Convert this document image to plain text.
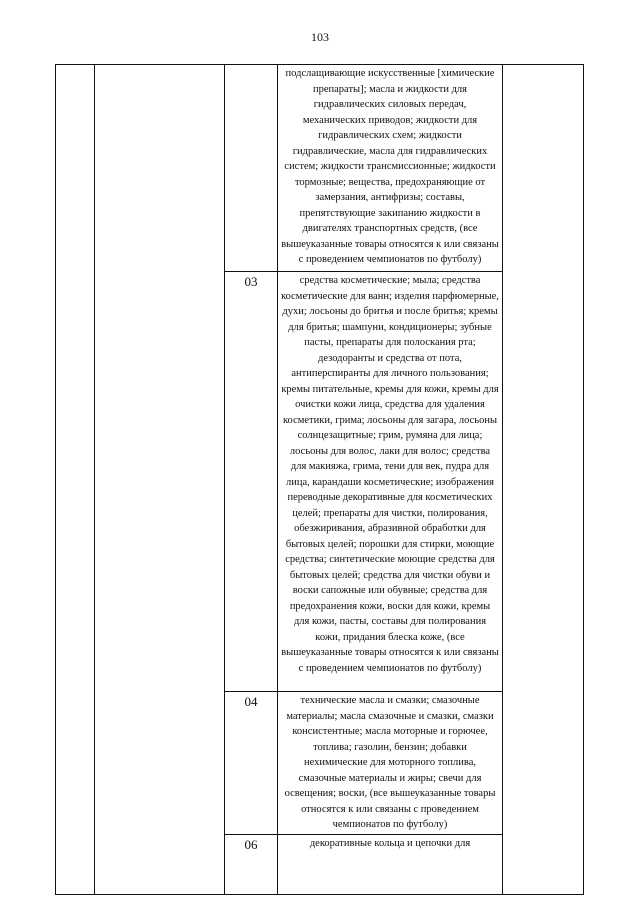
103
			подслащивающие искусственные [химические препараты]; масла и жидкости для гидравлических силовых передач, механических приводов; жидкости для гидравлических схем; жидкости гидравлические, масла для гидравлических систем; жидкости трансмиссионные; жидкости тормозные; вещества, предохраняющие от замерзания, антифризы; составы, препятствующие закипанию жидкости в двигателях транспортных средств, (все вышеуказанные товары относятся к или связаны с проведением чемпионатов по футболу)	
		03	средства косметические; мыла; средства косметические для ванн; изделия парфюмерные, духи; лосьоны до бритья и после бритья; кремы для бритья; шампуни, кондиционеры; зубные пасты, препараты для полоскания рта; дезодоранты и средства от пота, антиперспиранты для личного пользования; кремы питательные, кремы для кожи, кремы для очистки кожи лица, средства для удаления косметики, грима; лосьоны для загара, лосьоны солнцезащитные; грим, румяна для лица; лосьоны для волос, лаки для волос; средства для макияжа, грима, тени для век, пудра для лица, карандаши косметические; изображения переводные декоративные для косметических целей; препараты для чистки, полирования, обезжиривания, абразивной обработки для бытовых целей; порошки для стирки, моющие средства; синтетические моющие средства для бытовых целей; средства для чистки обуви и воски сапожные или обувные; средства для предохранения кожи, воски для кожи, кремы для кожи, пасты, составы для полирования кожи, придания блеска коже, (все вышеуказанные товары относятся к или связаны с проведением чемпионатов по футболу)	
		04	технические масла и смазки; смазочные материалы; масла смазочные и смазки, смазки консистентные; масла моторные и горючее, топлива; газолин, бензин; добавки нехимические для моторного топлива, смазочные материалы и жиры; свечи для освещения; воски, (все вышеуказанные товары относятся к или связаны с проведением чемпионатов по футболу)	
		06	декоративные кольца и цепочки для	
